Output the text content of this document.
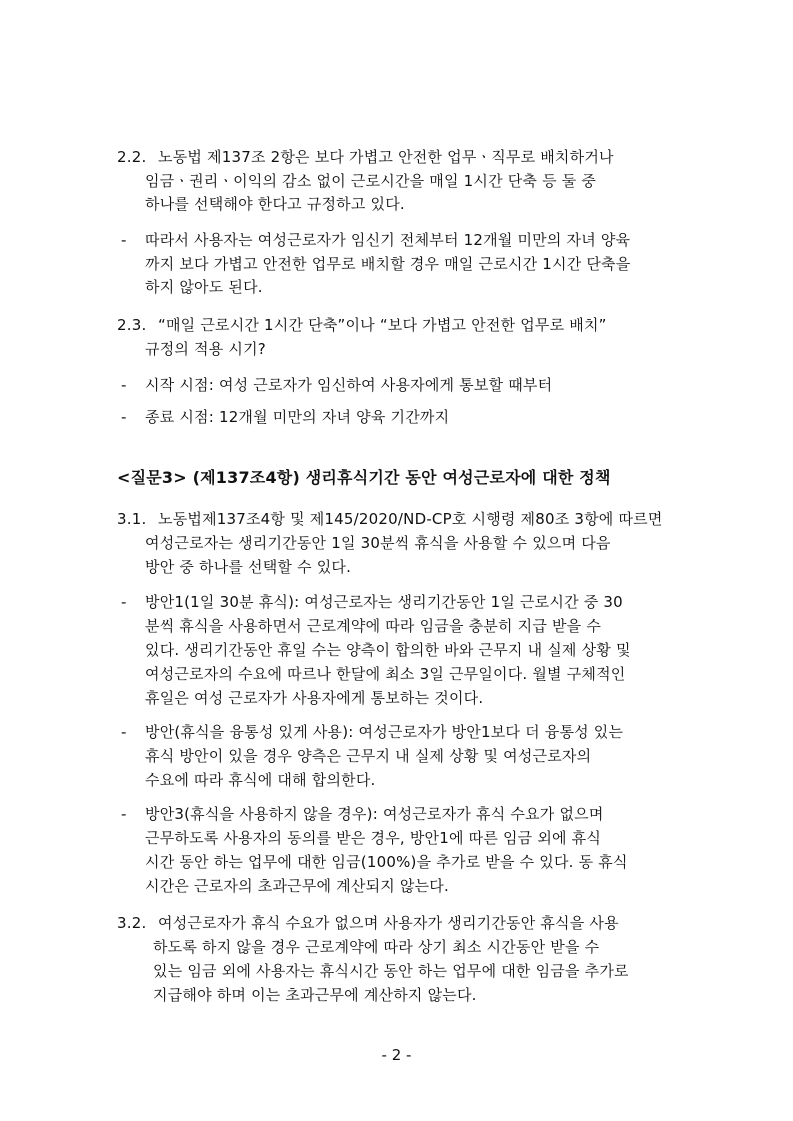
2.2. 노동법 제137조 2항은 보다 가볍고 안전한 업무ㆍ직무로 배치하거나
임금ㆍ권리ㆍ이익의 감소 없이 근로시간을 매일 1시간 단축 등 둘 중
하나를 선택해야 한다고 규정하고 있다.
- 따라서 사용자는 여성근로자가 임신기 전체부터 12개월 미만의 자녀 양육
까지 보다 가볍고 안전한 업무로 배치할 경우 매일 근로시간 1시간 단축을
하지 않아도 된다.
2.3. “매일 근로시간 1시간 단축”이나 “보다 가볍고 안전한 업무로 배치”
규정의 적용 시기?
- 시작 시점: 여성 근로자가 임신하여 사용자에게 통보할 때부터
- 종료 시점: 12개월 미만의 자녀 양육 기간까지
<질문3> (제137조4항) 생리휴식기간 동안 여성근로자에 대한 정책
3.1. 노동법제137조4항 및 제145/2020/ND-CP호 시행령 제80조 3항에 따르면
여성근로자는 생리기간동안 1일 30분씩 휴식을 사용할 수 있으며 다음
방안 중 하나를 선택할 수 있다.
- 방안1(1일 30분 휴식): 여성근로자는 생리기간동안 1일 근로시간 중 30
분씩 휴식을 사용하면서 근로계약에 따라 임금을 충분히 지급 받을 수
있다. 생리기간동안 휴일 수는 양측이 합의한 바와 근무지 내 실제 상황 및
여성근로자의 수요에 따르나 한달에 최소 3일 근무일이다. 월별 구체적인
휴일은 여성 근로자가 사용자에게 통보하는 것이다.
- 방안(휴식을 융통성 있게 사용): 여성근로자가 방안1보다 더 융통성 있는
휴식 방안이 있을 경우 양측은 근무지 내 실제 상황 및 여성근로자의
수요에 따라 휴식에 대해 합의한다.
- 방안3(휴식을 사용하지 않을 경우): 여성근로자가 휴식 수요가 없으며
근무하도록 사용자의 동의를 받은 경우, 방안1에 따른 임금 외에 휴식
시간 동안 하는 업무에 대한 임금(100%)을 추가로 받을 수 있다. 동 휴식
시간은 근로자의 초과근무에 계산되지 않는다.
3.2. 여성근로자가 휴식 수요가 없으며 사용자가 생리기간동안 휴식을 사용
하도록 하지 않을 경우 근로계약에 따라 상기 최소 시간동안 받을 수
있는 임금 외에 사용자는 휴식시간 동안 하는 업무에 대한 임금을 추가로
지급해야 하며 이는 초과근무에 계산하지 않는다.
- 2 -
